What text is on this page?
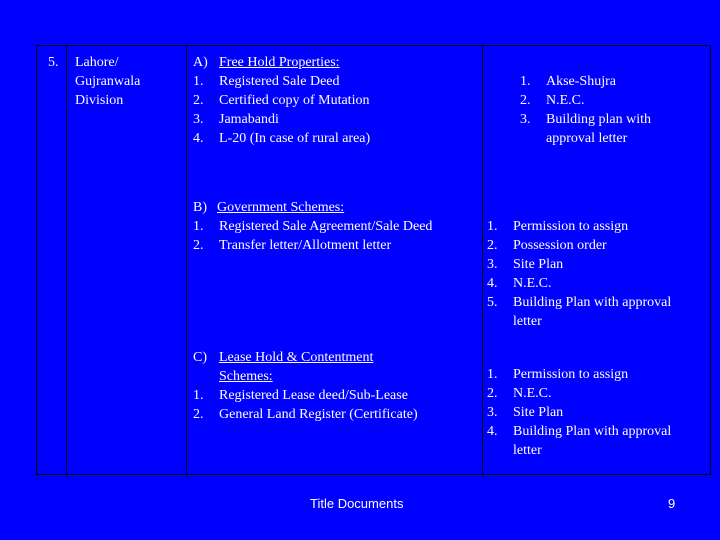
5. Lahore/
Gujranwala
Division
A) Free Hold Properties:
1. Registered Sale Deed
2. Certified copy of Mutation
3. Jamabandi
4. L-20 (In case of rural area)
1. Akse-Shujra
2. N.E.C.
3. Building plan with
approval letter
B) Government Schemes:
1. Registered Sale Agreement/Sale Deed
2. Transfer letter/Allotment letter
1. Permission to assign
2. Possession order
3. Site Plan
4. N.E.C.
5. Building Plan with approval
letter
C) Lease Hold & Contentment
Schemes:
1. Registered Lease deed/Sub-Lease
2. General Land Register (Certificate)
1. Permission to assign
2. N.E.C.
3. Site Plan
4. Building Plan with approval
letter
Title Documents	9
